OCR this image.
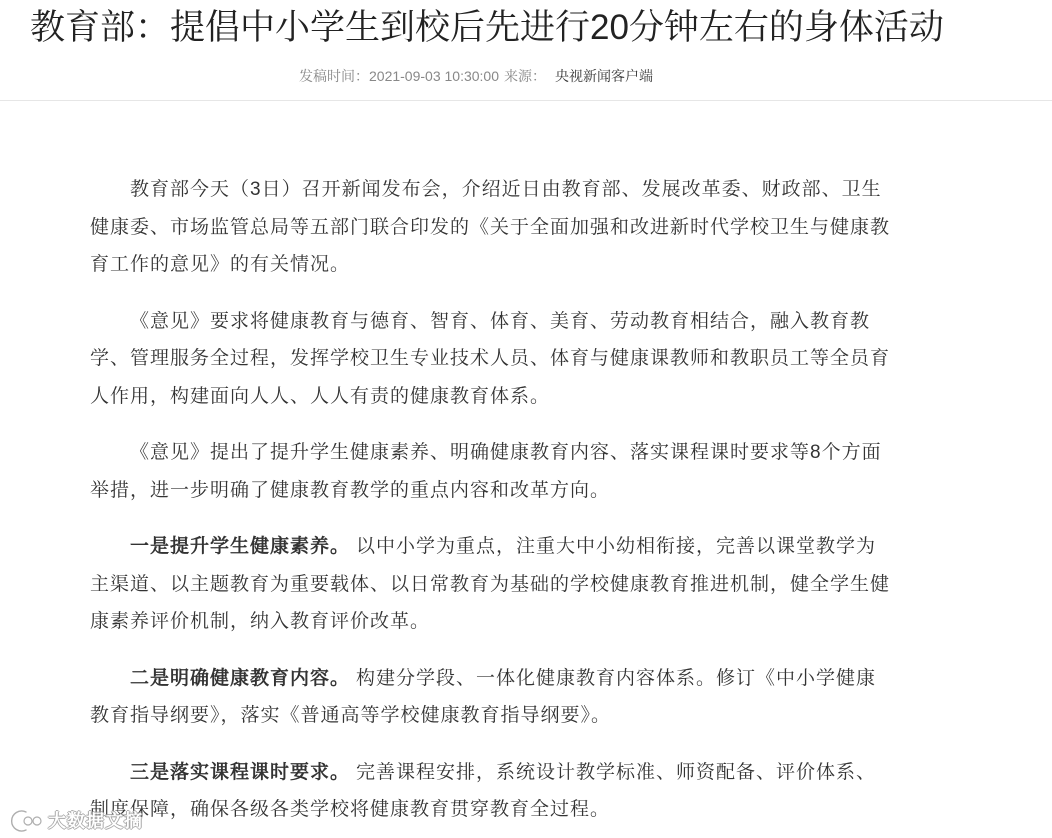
教育部：提倡中小学生到校后先进行20分钟左右的身体活动
发稿时间：2021-09-03 10:30:00 来源： 央视新闻客户端

教育部今天（3日）召开新闻发布会，介绍近日由教育部、发展改革委、财政部、卫生
健康委、市场监管总局等五部门联合印发的《关于全面加强和改进新时代学校卫生与健康教
育工作的意见》的有关情况。

《意见》要求将健康教育与德育、智育、体育、美育、劳动教育相结合，融入教育教
学、管理服务全过程，发挥学校卫生专业技术人员、体育与健康课教师和教职员工等全员育
人作用，构建面向人人、人人有责的健康教育体系。

《意见》提出了提升学生健康素养、明确健康教育内容、落实课程课时要求等8个方面
举措，进一步明确了健康教育教学的重点内容和改革方向。

一是提升学生健康素养。 以中小学为重点，注重大中小幼相衔接，完善以课堂教学为
主渠道、以主题教育为重要载体、以日常教育为基础的学校健康教育推进机制，健全学生健
康素养评价机制，纳入教育评价改革。

二是明确健康教育内容。 构建分学段、一体化健康教育内容体系。修订《中小学健康
教育指导纲要》，落实《普通高等学校健康教育指导纲要》。

三是落实课程课时要求。 完善课程安排，系统设计教学标准、师资配备、评价体系、
制度保障，确保各级各类学校将健康教育贯穿教育全过程。

大数据文摘
